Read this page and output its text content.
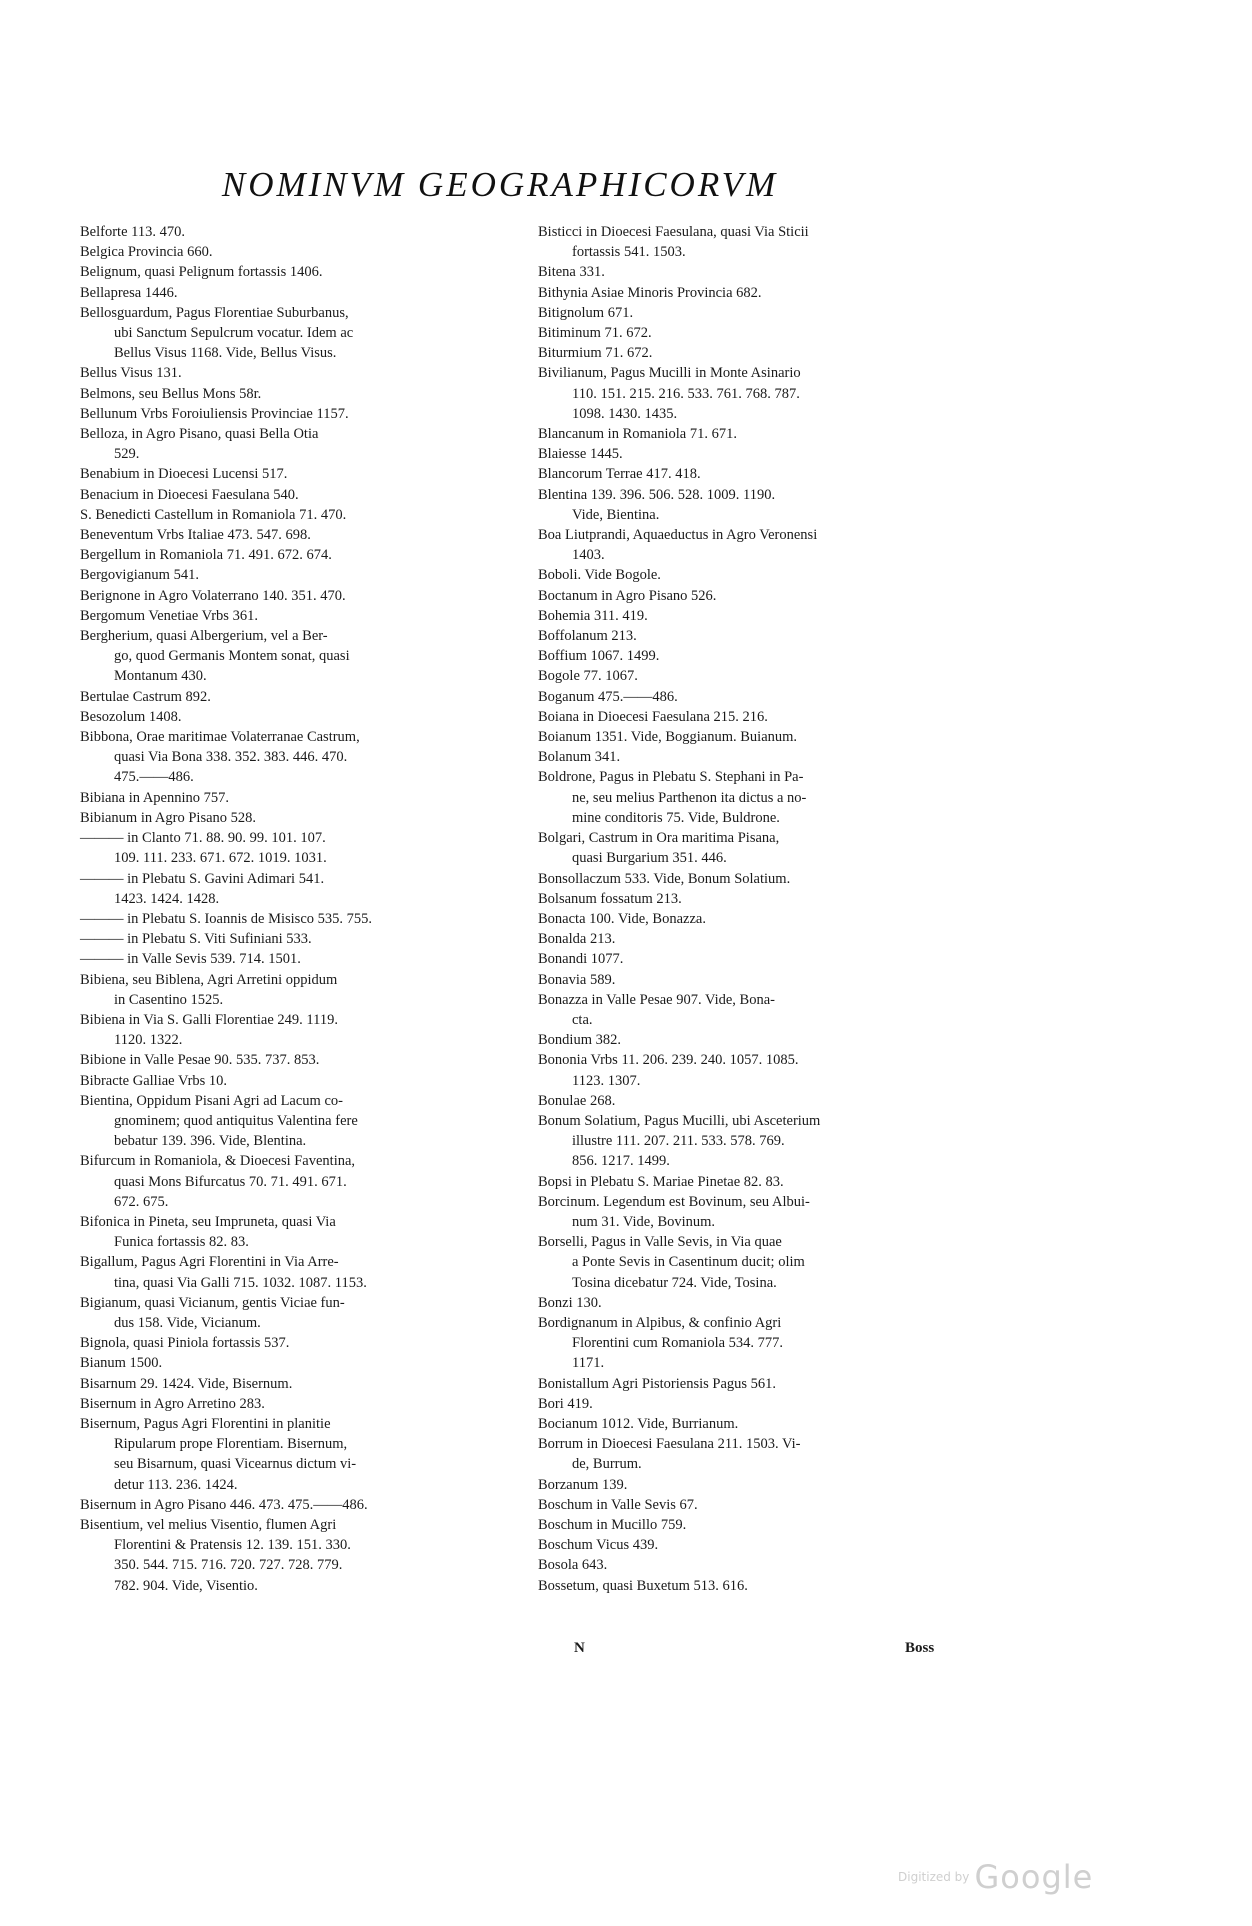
NOMINVM GEOGRAPHICORVM
Belforte 113. 470.
Belgica Provincia 660.
Belignum, quasi Pelignum fortassis 1406.
Bellapresa 1446.
Bellosguardum, Pagus Florentiae Suburbanus,
ubi Sanctum Sepulcrum vocatur. Idem ac
Bellus Visus 1168. Vide, Bellus Visus.
Bellus Visus 131.
Belmons, seu Bellus Mons 58r.
Bellunum Vrbs Foroiuliensis Provinciae 1157.
Belloza, in Agro Pisano, quasi Bella Otia
529.
Benabium in Dioecesi Lucensi 517.
Benacium in Dioecesi Faesulana 540.
S. Benedicti Castellum in Romaniola 71. 470.
Beneventum Vrbs Italiae 473. 547. 698.
Bergellum in Romaniola 71. 491. 672. 674.
Bergovigianum 541.
Berignone in Agro Volaterrano 140. 351. 470.
Bergomum Venetiae Vrbs 361.
Bergherium, quasi Albergerium, vel a Ber-
go, quod Germanis Montem sonat, quasi
Montanum 430.
Bertulae Castrum 892.
Besozolum 1408.
Bibbona, Orae maritimae Volaterranae Castrum,
quasi Via Bona 338. 352. 383. 446. 470.
475.——486.
Bibiana in Apennino 757.
Bibianum in Agro Pisano 528.
——— in Clanto 71. 88. 90. 99. 101. 107.
109. 111. 233. 671. 672. 1019. 1031.
——— in Plebatu S. Gavini Adimari 541.
1423. 1424. 1428.
——— in Plebatu S. Ioannis de Misisco 535. 755.
——— in Plebatu S. Viti Sufiniani 533.
——— in Valle Sevis 539. 714. 1501.
Bibiena, seu Biblena, Agri Arretini oppidum
in Casentino 1525.
Bibiena in Via S. Galli Florentiae 249. 1119.
1120. 1322.
Bibione in Valle Pesae 90. 535. 737. 853.
Bibracte Galliae Vrbs 10.
Bientina, Oppidum Pisani Agri ad Lacum co-
gnominem; quod antiquitus Valentina fere
bebatur 139. 396. Vide, Blentina.
Bifurcum in Romaniola, & Dioecesi Faventina,
quasi Mons Bifurcatus 70. 71. 491. 671.
672. 675.
Bifonica in Pineta, seu Impruneta, quasi Via
Funica fortassis 82. 83.
Bigallum, Pagus Agri Florentini in Via Arre-
tina, quasi Via Galli 715. 1032. 1087. 1153.
Bigianum, quasi Vicianum, gentis Viciae fun-
dus 158. Vide, Vicianum.
Bignola, quasi Piniola fortassis 537.
Bianum 1500.
Bisarnum 29. 1424. Vide, Bisernum.
Bisernum in Agro Arretino 283.
Bisernum, Pagus Agri Florentini in planitie
Ripularum prope Florentiam. Bisernum,
seu Bisarnum, quasi Vicearnus dictum vi-
detur 113. 236. 1424.
Bisernum in Agro Pisano 446. 473. 475.——486.
Bisentium, vel melius Visentio, flumen Agri
Florentini & Pratensis 12. 139. 151. 330.
350. 544. 715. 716. 720. 727. 728. 779.
782. 904. Vide, Visentio.
Bisticci in Dioecesi Faesulana, quasi Via Sticii
fortassis 541. 1503.
Bitena 331.
Bithynia Asiae Minoris Provincia 682.
Bitignolum 671.
Bitiminum 71. 672.
Biturmium 71. 672.
Bivilianum, Pagus Mucilli in Monte Asinario
110. 151. 215. 216. 533. 761. 768. 787.
1098. 1430. 1435.
Blancanum in Romaniola 71. 671.
Blaiesse 1445.
Blancorum Terrae 417. 418.
Blentina 139. 396. 506. 528. 1009. 1190.
Vide, Bientina.
Boa Liutprandi, Aquaeductus in Agro Veronensi
1403.
Boboli. Vide Bogole.
Boctanum in Agro Pisano 526.
Bohemia 311. 419.
Boffolanum 213.
Boffium 1067. 1499.
Bogole 77. 1067.
Boganum 475.——486.
Boiana in Dioecesi Faesulana 215. 216.
Boianum 1351. Vide, Boggianum. Buianum.
Bolanum 341.
Boldrone, Pagus in Plebatu S. Stephani in Pa-
ne, seu melius Parthenon ita dictus a no-
mine conditoris 75. Vide, Buldrone.
Bolgari, Castrum in Ora maritima Pisana,
quasi Burgarium 351. 446.
Bonsollaczum 533. Vide, Bonum Solatium.
Bolsanum fossatum 213.
Bonacta 100. Vide, Bonazza.
Bonalda 213.
Bonandi 1077.
Bonavia 589.
Bonazza in Valle Pesae 907. Vide, Bona-
cta.
Bondium 382.
Bononia Vrbs 11. 206. 239. 240. 1057. 1085.
1123. 1307.
Bonulae 268.
Bonum Solatium, Pagus Mucilli, ubi Asceterium
illustre 111. 207. 211. 533. 578. 769.
856. 1217. 1499.
Bopsi in Plebatu S. Mariae Pinetae 82. 83.
Borcinum. Legendum est Bovinum, seu Albui-
num 31. Vide, Bovinum.
Borselli, Pagus in Valle Sevis, in Via quae
a Ponte Sevis in Casentinum ducit; olim
Tosina dicebatur 724. Vide, Tosina.
Bonzi 130.
Bordignanum in Alpibus, & confinio Agri
Florentini cum Romaniola 534. 777.
1171.
Bonistallum Agri Pistoriensis Pagus 561.
Bori 419.
Bocianum 1012. Vide, Burrianum.
Borrum in Dioecesi Faesulana 211. 1503. Vi-
de, Burrum.
Borzanum 139.
Boschum in Valle Sevis 67.
Boschum in Mucillo 759.
Boschum Vicus 439.
Bosola 643.
Bossetum, quasi Buxetum 513. 616.
N	Boss
Digitized by Google
